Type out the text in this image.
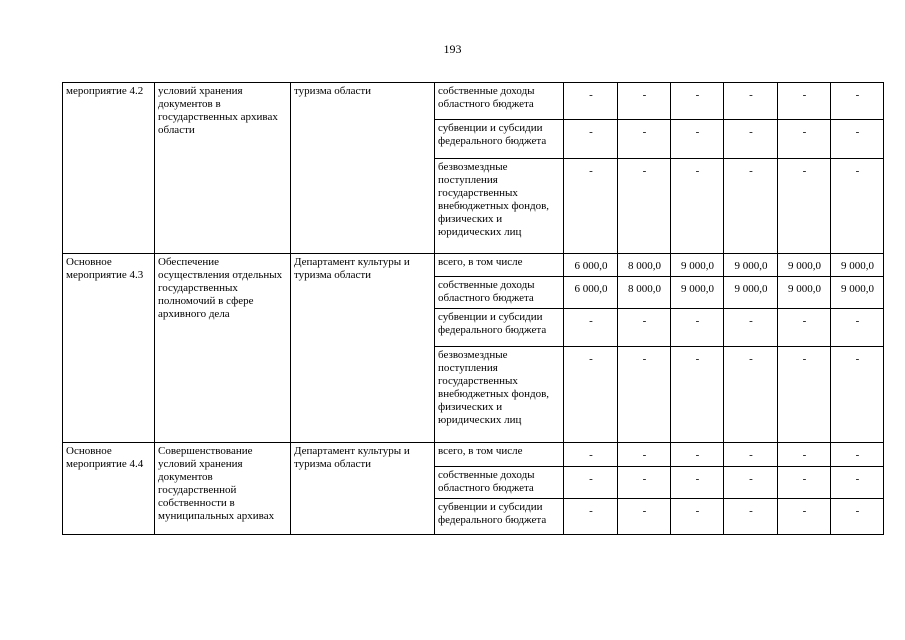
193
мероприятие 4.2	условий хранения документов в государственных архивах области	туризма области	собственные доходы областного бюджета	-	-	-	-	-	-
			субвенции и субсидии федерального бюджета	-	-	-	-	-	-
			безвозмездные поступления государственных внебюджетных фондов, физических и юридических лиц	-	-	-	-	-	-
Основное мероприятие 4.3	Обеспечение осуществления отдельных государственных полномочий в сфере архивного дела	Департамент культуры и туризма области	всего, в том числе	6 000,0	8 000,0	9 000,0	9 000,0	9 000,0	9 000,0
			собственные доходы областного бюджета	6 000,0	8 000,0	9 000,0	9 000,0	9 000,0	9 000,0
			субвенции и субсидии федерального бюджета	-	-	-	-	-	-
			безвозмездные поступления государственных внебюджетных фондов, физических и юридических лиц	-	-	-	-	-	-
Основное мероприятие 4.4	Совершенствование условий хранения документов государственной собственности в муниципальных архивах	Департамент культуры и туризма области	всего, в том числе	-	-	-	-	-	-
			собственные доходы областного бюджета	-	-	-	-	-	-
			субвенции и субсидии федерального бюджета	-	-	-	-	-	-
